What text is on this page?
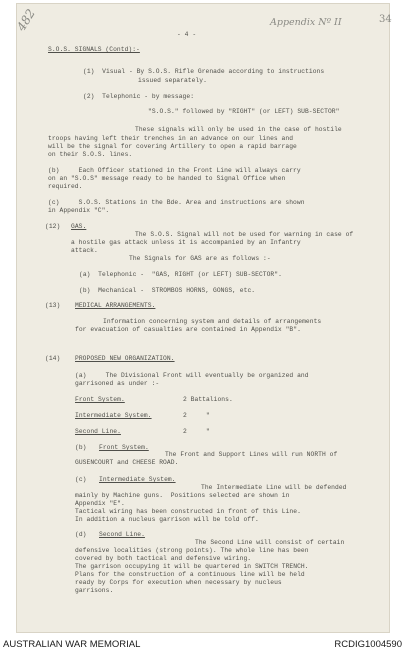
482	Appendix Nº II	34
- 4 -
S.O.S. SIGNALS (Contd):-
(1)  Visual - By S.O.S. Rifle Grenade according to instructions
issued separately.
(2)  Telephonic - by message:
"S.O.S." followed by "RIGHT" (or LEFT) SUB-SECTOR"
These signals will only be used in the case of hostile
troops having left their trenches in an advance on our lines and
will be the signal for covering Artillery to open a rapid barrage
on their S.O.S. lines.
(b)     Each Officer stationed in the Front Line will always carry
on an "S.O.S" message ready to be handed to Signal Office when
required.
(c)     S.O.S. Stations in the Bde. Area and instructions are shown
in Appendix "C".
(12) GAS.
The S.O.S. Signal will not be used for warning in case of
a hostile gas attack unless it is accompanied by an Infantry
attack.
The Signals for GAS are as follows :-
(a)  Telephonic -  "GAS, RIGHT (or LEFT) SUB-SECTOR".
(b)  Mechanical -  STROMBOS HORNS, GONGS, etc.
(13) MEDICAL ARRANGEMENTS.
Information concerning system and details of arrangements
for evacuation of casualties are contained in Appendix "B".
(14) PROPOSED NEW ORGANIZATION.
(a)     The Divisional Front will eventually be organized and
garrisoned as under :-
Front System.	2 Battalions.
Intermediate System.	2     "
Second Line.	2     "
(b) Front System.
The Front and Support Lines will run NORTH of
GUSENCOURT and CHEESE ROAD.
(c) Intermediate System.
The Intermediate Line will be defended
mainly by Machine guns.  Positions selected are shown in
Appendix "E".
Tactical wiring has been constructed in front of this Line.
In addition a nucleus garrison will be told off.
(d) Second Line.
The Second Line will consist of certain
defensive localities (strong points). The whole line has been
covered by both tactical and defensive wiring.
The garrison occupying it will be quartered in SWITCH TRENCH.
Plans for the construction of a continuous line will be held
ready by Corps for execution when necessary by nucleus
garrisons.
AUSTRALIAN WAR MEMORIAL	RCDIG1004590
